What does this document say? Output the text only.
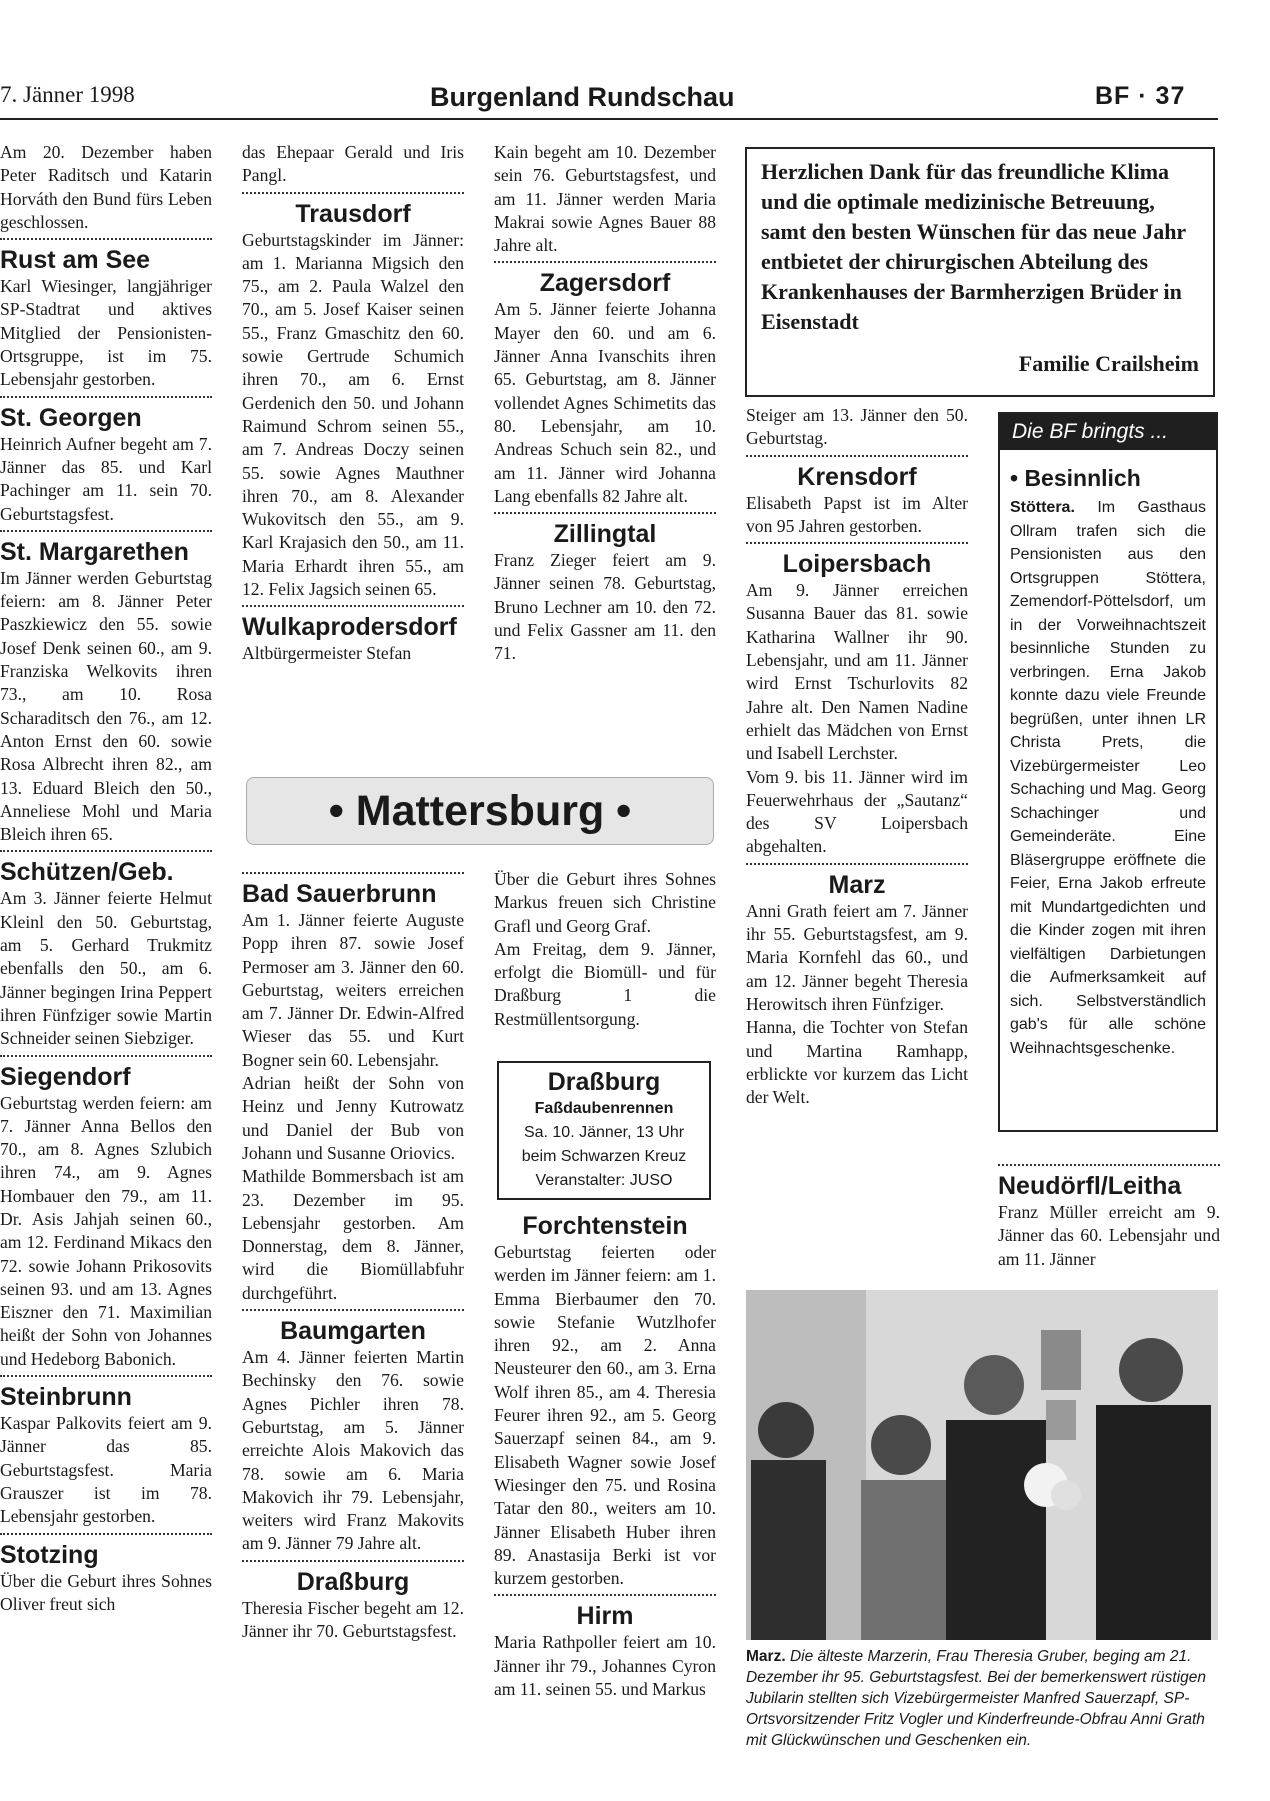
7. Jänner 1998	Burgenland Rundschau	BF · 37

Am 20. Dezember haben Peter Raditsch und Katarin Horváth den Bund fürs Leben geschlossen.

Rust am See

Karl Wiesinger, langjähriger SP-Stadtrat und aktives Mitglied der Pensionisten-Ortsgruppe, ist im 75. Lebensjahr gestorben.

St. Georgen

Heinrich Aufner begeht am 7. Jänner das 85. und Karl Pachinger am 11. sein 70. Geburtstagsfest.

St. Margarethen

Im Jänner werden Geburtstag feiern: am 8. Jänner Peter Paszkiewicz den 55. sowie Josef Denk seinen 60., am 9. Franziska Welkovits ihren 73., am 10. Rosa Scharaditsch den 76., am 12. Anton Ernst den 60. sowie Rosa Albrecht ihren 82., am 13. Eduard Bleich den 50., Anneliese Mohl und Maria Bleich ihren 65.

Schützen/Geb.

Am 3. Jänner feierte Helmut Kleinl den 50. Geburtstag, am 5. Gerhard Trukmitz ebenfalls den 50., am 6. Jänner begingen Irina Peppert ihren Fünfziger sowie Martin Schneider seinen Siebziger.

Siegendorf

Geburtstag werden feiern: am 7. Jänner Anna Bellos den 70., am 8. Agnes Szlubich ihren 74., am 9. Agnes Hombauer den 79., am 11. Dr. Asis Jahjah seinen 60., am 12. Ferdinand Mikacs den 72. sowie Johann Prikosovits seinen 93. und am 13. Agnes Eiszner den 71. Maximilian heißt der Sohn von Johannes und Hedeborg Babonich.

Steinbrunn

Kaspar Palkovits feiert am 9. Jänner das 85. Geburtstagsfest. Maria Grauszer ist im 78. Lebensjahr gestorben.

Stotzing

Über die Geburt ihres Sohnes Oliver freut sich

das Ehepaar Gerald und Iris Pangl.

Trausdorf

Geburtstagskinder im Jänner: am 1. Marianna Migsich den 75., am 2. Paula Walzel den 70., am 5. Josef Kaiser seinen 55., Franz Gmaschitz den 60. sowie Gertrude Schumich ihren 70., am 6. Ernst Gerdenich den 50. und Johann Raimund Schrom seinen 55., am 7. Andreas Doczy seinen 55. sowie Agnes Mauthner ihren 70., am 8. Alexander Wukovitsch den 55., am 9. Karl Krajasich den 50., am 11. Maria Erhardt ihren 55., am 12. Felix Jagsich seinen 65.

Wulkaprodersdorf

Altbürgermeister Stefan

Kain begeht am 10. Dezember sein 76. Geburtstagsfest, und am 11. Jänner werden Maria Makrai sowie Agnes Bauer 88 Jahre alt.

Zagersdorf

Am 5. Jänner feierte Johanna Mayer den 60. und am 6. Jänner Anna Ivanschits ihren 65. Geburtstag, am 8. Jänner vollendet Agnes Schimetits das 80. Lebensjahr, am 10. Andreas Schuch sein 82., und am 11. Jänner wird Johanna Lang ebenfalls 82 Jahre alt.

Zillingtal

Franz Zieger feiert am 9. Jänner seinen 78. Geburtstag, Bruno Lechner am 10. den 72. und Felix Gassner am 11. den 71.

Herzlichen Dank für das freundliche Klima und die optimale medizinische Betreuung, samt den besten Wünschen für das neue Jahr entbietet der chirurgischen Abteilung des Krankenhauses der Barmherzigen Brüder in Eisenstadt
Familie Crailsheim
• Mattersburg •
Bad Sauerbrunn

Am 1. Jänner feierte Auguste Popp ihren 87. sowie Josef Permoser am 3. Jänner den 60. Geburtstag, weiters erreichen am 7. Jänner Dr. Edwin-Alfred Wieser das 55. und Kurt Bogner sein 60. Lebensjahr.

Adrian heißt der Sohn von Heinz und Jenny Kutrowatz und Daniel der Bub von Johann und Susanne Oriovics.

Mathilde Bommersbach ist am 23. Dezember im 95. Lebensjahr gestorben. Am Donnerstag, dem 8. Jänner, wird die Biomüllabfuhr durchgeführt.

Baumgarten

Am 4. Jänner feierten Martin Bechinsky den 76. sowie Agnes Pichler ihren 78. Geburtstag, am 5. Jänner erreichte Alois Makovich das 78. sowie am 6. Maria Makovich ihr 79. Lebensjahr, weiters wird Franz Makovits am 9. Jänner 79 Jahre alt.

Draßburg

Theresia Fischer begeht am 12. Jänner ihr 70. Geburtstagsfest.

Über die Geburt ihres Sohnes Markus freuen sich Christine Grafl und Georg Graf.

Am Freitag, dem 9. Jänner, erfolgt die Biomüll- und für Draßburg 1 die Restmüllentsorgung.

Draßburg
Faßdaubenrennen
Sa. 10. Jänner, 13 Uhr
beim Schwarzen Kreuz
Veranstalter: JUSO
Forchtenstein

Geburtstag feierten oder werden im Jänner feiern: am 1. Emma Bierbaumer den 70. sowie Stefanie Wutzlhofer ihren 92., am 2. Anna Neusteurer den 60., am 3. Erna Wolf ihren 85., am 4. Theresia Feurer ihren 92., am 5. Georg Sauerzapf seinen 84., am 9. Elisabeth Wagner sowie Josef Wiesinger den 75. und Rosina Tatar den 80., weiters am 10. Jänner Elisabeth Huber ihren 89. Anastasija Berki ist vor kurzem gestorben.

Hirm

Maria Rathpoller feiert am 10. Jänner ihr 79., Johannes Cyron am 11. seinen 55. und Markus

Steiger am 13. Jänner den 50. Geburtstag.

Krensdorf

Elisabeth Papst ist im Alter von 95 Jahren gestorben.

Loipersbach

Am 9. Jänner erreichen Susanna Bauer das 81. sowie Katharina Wallner ihr 90. Lebensjahr, und am 11. Jänner wird Ernst Tschurlovits 82 Jahre alt. Den Namen Nadine erhielt das Mädchen von Ernst und Isabell Lerchster.

Vom 9. bis 11. Jänner wird im Feuerwehrhaus der „Sautanz“ des SV Loipersbach abgehalten.

Marz

Anni Grath feiert am 7. Jänner ihr 55. Geburtstagsfest, am 9. Maria Kornfehl das 60., und am 12. Jänner begeht Theresia Herowitsch ihren Fünfziger.

Hanna, die Tochter von Stefan und Martina Ramhapp, erblickte vor kurzem das Licht der Welt.

Die BF bringts ...
• Besinnlich

Stöttera. Im Gasthaus Ollram trafen sich die Pensionisten aus den Ortsgruppen Stöttera, Zemendorf-Pöttelsdorf, um in der Vorweihnachtszeit besinnliche Stunden zu verbringen. Erna Jakob konnte dazu viele Freunde begrüßen, unter ihnen LR Christa Prets, die Vizebürgermeister Leo Schaching und Mag. Georg Schachinger und Gemeinderäte. Eine Bläsergruppe eröffnete die Feier, Erna Jakob erfreute mit Mundartgedichten und die Kinder zogen mit ihren vielfältigen Darbietungen die Aufmerksamkeit auf sich. Selbstverständlich gab's für alle schöne Weihnachtsgeschenke.

Neudörfl/Leitha

Franz Müller erreicht am 9. Jänner das 60. Lebensjahr und am 11. Jänner

Marz. Die älteste Marzerin, Frau Theresia Gruber, beging am 21. Dezember ihr 95. Geburtstagsfest. Bei der bemerkenswert rüstigen Jubilarin stellten sich Vizebürgermeister Manfred Sauerzapf, SP-Ortsvorsitzender Fritz Vogler und Kinderfreunde-Obfrau Anni Grath mit Glückwünschen und Geschenken ein.
